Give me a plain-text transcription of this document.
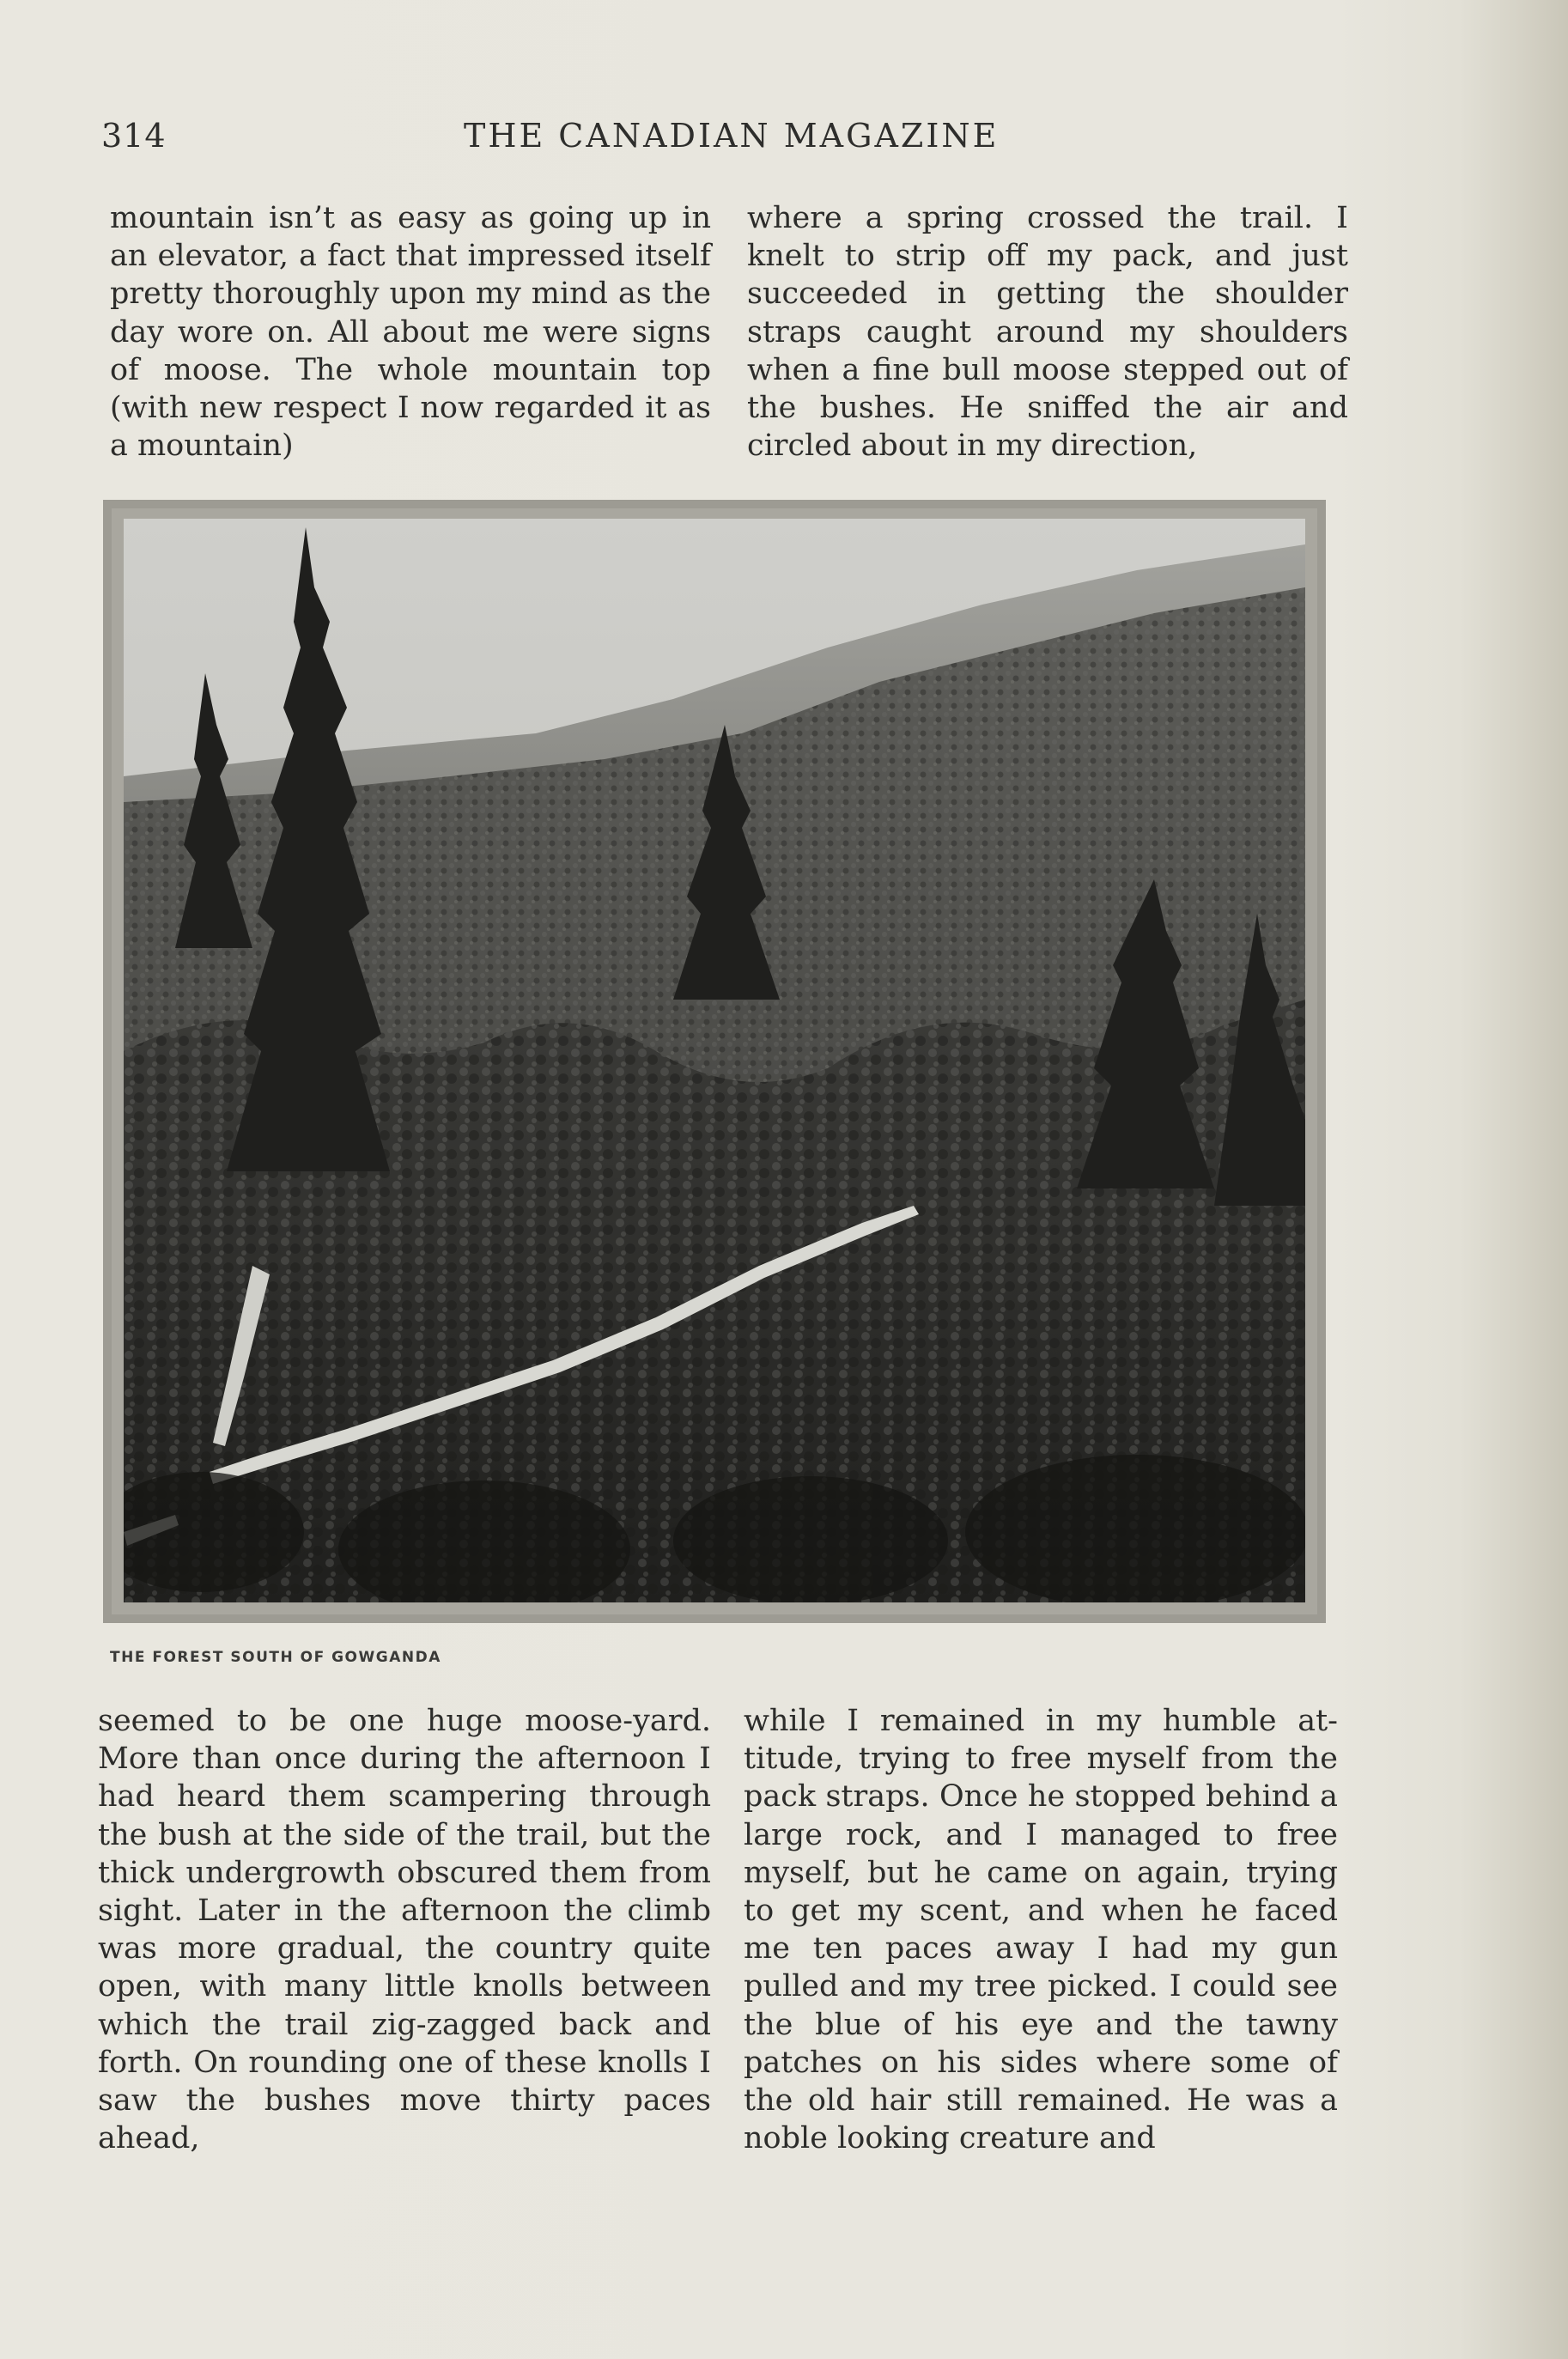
314	THE CANADIAN MAGAZINE

mountain isn’t as easy as going up in an elevator, a fact that impressed itself pretty thoroughly upon my mind as the day wore on. All about me were signs of moose. The whole mountain top (with new respect I now regarded it as a mountain)

where a spring crossed the trail. I knelt to strip off my pack, and just succeeded in getting the shoulder straps caught around my shoulders when a fine bull moose stepped out of the bushes. He sniffed the air and circled about in my direction,

THE FOREST SOUTH OF GOWGANDA

seemed to be one huge moose-yard. More than once during the afternoon I had heard them scampering through the bush at the side of the trail, but the thick undergrowth obscured them from sight. Later in the afternoon the climb was more gradual, the country quite open, with many little knolls between which the trail zig-zagged back and forth. On rounding one of these knolls I saw the bushes move thirty paces ahead,

while I remained in my humble attitude, trying to free myself from the pack straps. Once he stopped behind a large rock, and I managed to free myself, but he came on again, trying to get my scent, and when he faced me ten paces away I had my gun pulled and my tree picked. I could see the blue of his eye and the tawny patches on his sides where some of the old hair still remained. He was a noble looking creature and
